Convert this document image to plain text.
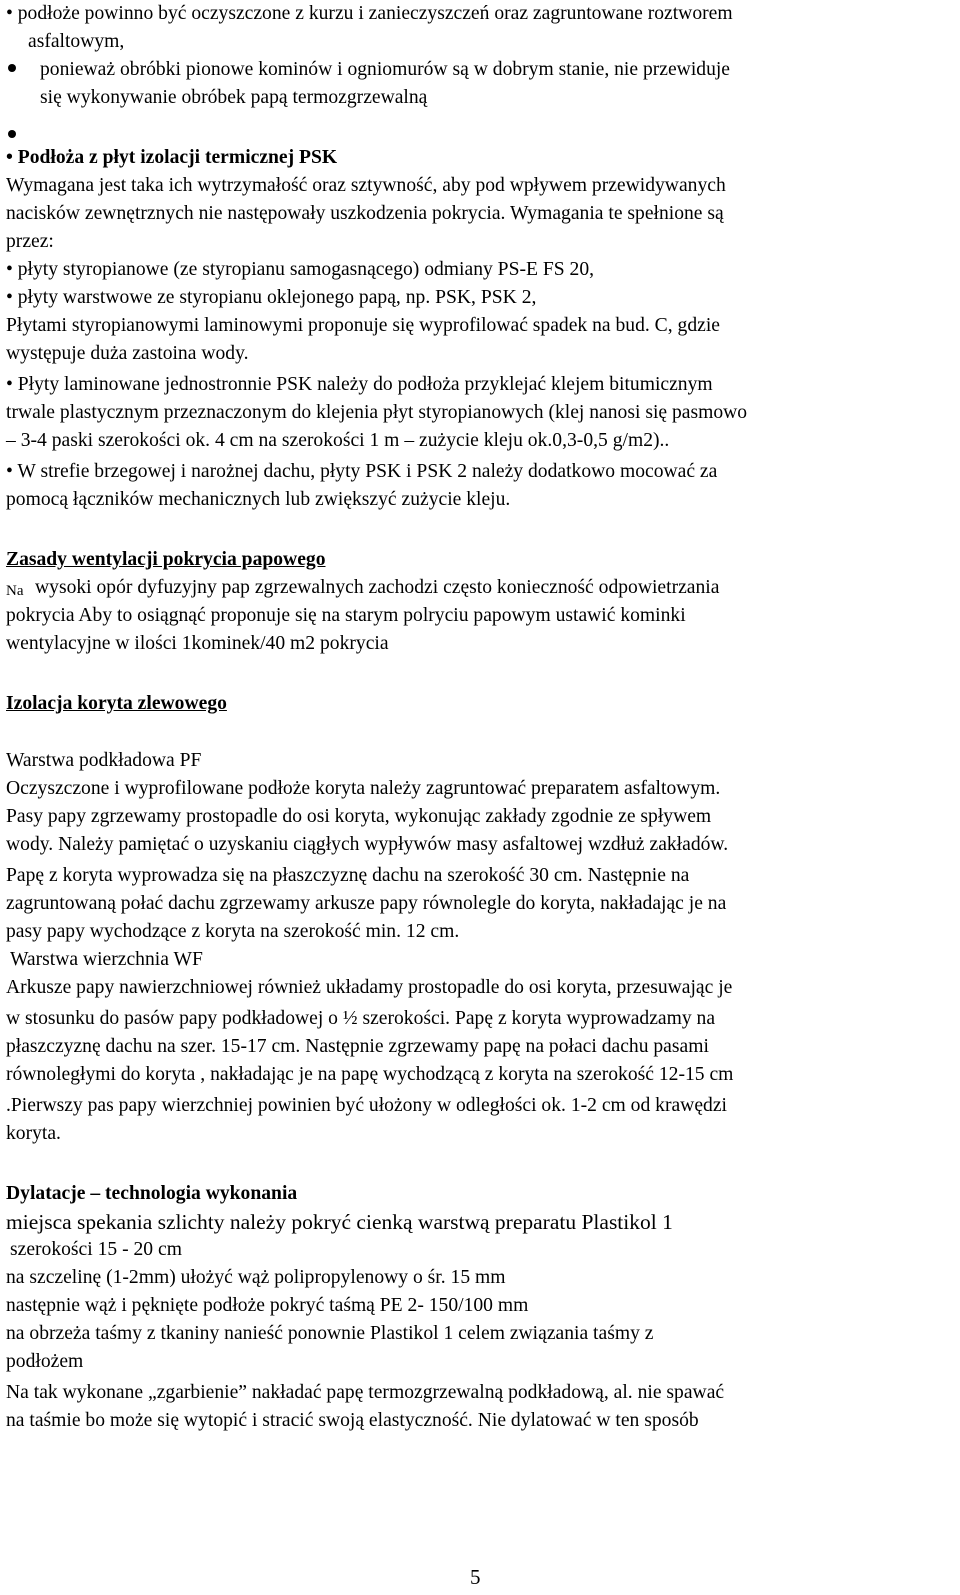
• podłoże powinno być oczyszczone z kurzu i zanieczyszczeń oraz zagruntowane roztworem
asfaltowym,
ponieważ obróbki pionowe kominów i ogniomurów są w dobrym stanie, nie przewiduje
się wykonywanie obróbek papą termozgrzewalną
• Podłoża z płyt izolacji termicznej PSK
Wymagana jest taka ich wytrzymałość oraz sztywność, aby pod wpływem przewidywanych
nacisków zewnętrznych nie następowały uszkodzenia pokrycia. Wymagania te spełnione są
przez:
• płyty styropianowe (ze styropianu samogasnącego) odmiany PS-E FS 20,
• płyty warstwowe ze styropianu oklejonego papą, np. PSK, PSK 2,
Płytami styropianowymi laminowymi proponuje się wyprofilować spadek na bud. C, gdzie
występuje duża zastoina wody.
• Płyty laminowane jednostronnie PSK należy do podłoża przyklejać klejem bitumicznym
trwale plastycznym przeznaczonym do klejenia płyt styropianowych (klej nanosi się pasmowo
– 3-4 paski szerokości ok. 4 cm na szerokości 1 m – zużycie kleju ok.0,3-0,5 g/m2)..
• W strefie brzegowej i narożnej dachu, płyty PSK i PSK 2 należy dodatkowo mocować za
pomocą łączników mechanicznych lub zwiększyć zużycie kleju.
Zasady wentylacji pokrycia papowego
Na wysoki opór dyfuzyjny pap zgrzewalnych zachodzi często konieczność odpowietrzania
pokrycia Aby to osiągnąć proponuje się na starym polryciu papowym ustawić kominki
wentylacyjne w ilości 1kominek/40 m2 pokrycia
Izolacja koryta zlewowego
Warstwa podkładowa PF
Oczyszczone i wyprofilowane podłoże koryta należy zagruntować preparatem asfaltowym.
Pasy papy zgrzewamy prostopadle do osi koryta, wykonując zakłady zgodnie ze spływem
wody. Należy pamiętać o uzyskaniu ciągłych wypływów masy asfaltowej wzdłuż zakładów.
Papę z koryta wyprowadza się na płaszczyznę dachu na szerokość 30 cm. Następnie na
zagruntowaną połać dachu zgrzewamy arkusze papy równolegle do koryta, nakładając je na
pasy papy wychodzące z koryta na szerokość min. 12 cm.
Warstwa wierzchnia WF
Arkusze papy nawierzchniowej również układamy prostopadle do osi koryta, przesuwając je
w stosunku do pasów papy podkładowej o ½ szerokości. Papę z koryta wyprowadzamy na
płaszczyznę dachu na szer. 15-17 cm. Następnie zgrzewamy papę na połaci dachu pasami
równoległymi do koryta , nakładając je na papę wychodzącą z koryta na szerokość 12-15 cm
.Pierwszy pas papy wierzchniej powinien być ułożony w odległości ok. 1-2 cm od krawędzi
koryta.
Dylatacje – technologia wykonania
miejsca spekania szlichty należy pokryć cienką warstwą preparatu Plastikol 1
szerokości 15 - 20 cm
na szczelinę (1-2mm) ułożyć wąż polipropylenowy o śr. 15 mm
następnie wąż i pęknięte podłoże pokryć taśmą PE 2- 150/100 mm
na obrzeża taśmy z tkaniny nanieść ponownie Plastikol 1 celem związania taśmy z
podłożem
Na tak wykonane „zgarbienie” nakładać papę termozgrzewalną podkładową, al. nie spawać
na taśmie bo może się wytopić i stracić swoją elastyczność. Nie dylatować w ten sposób
5
